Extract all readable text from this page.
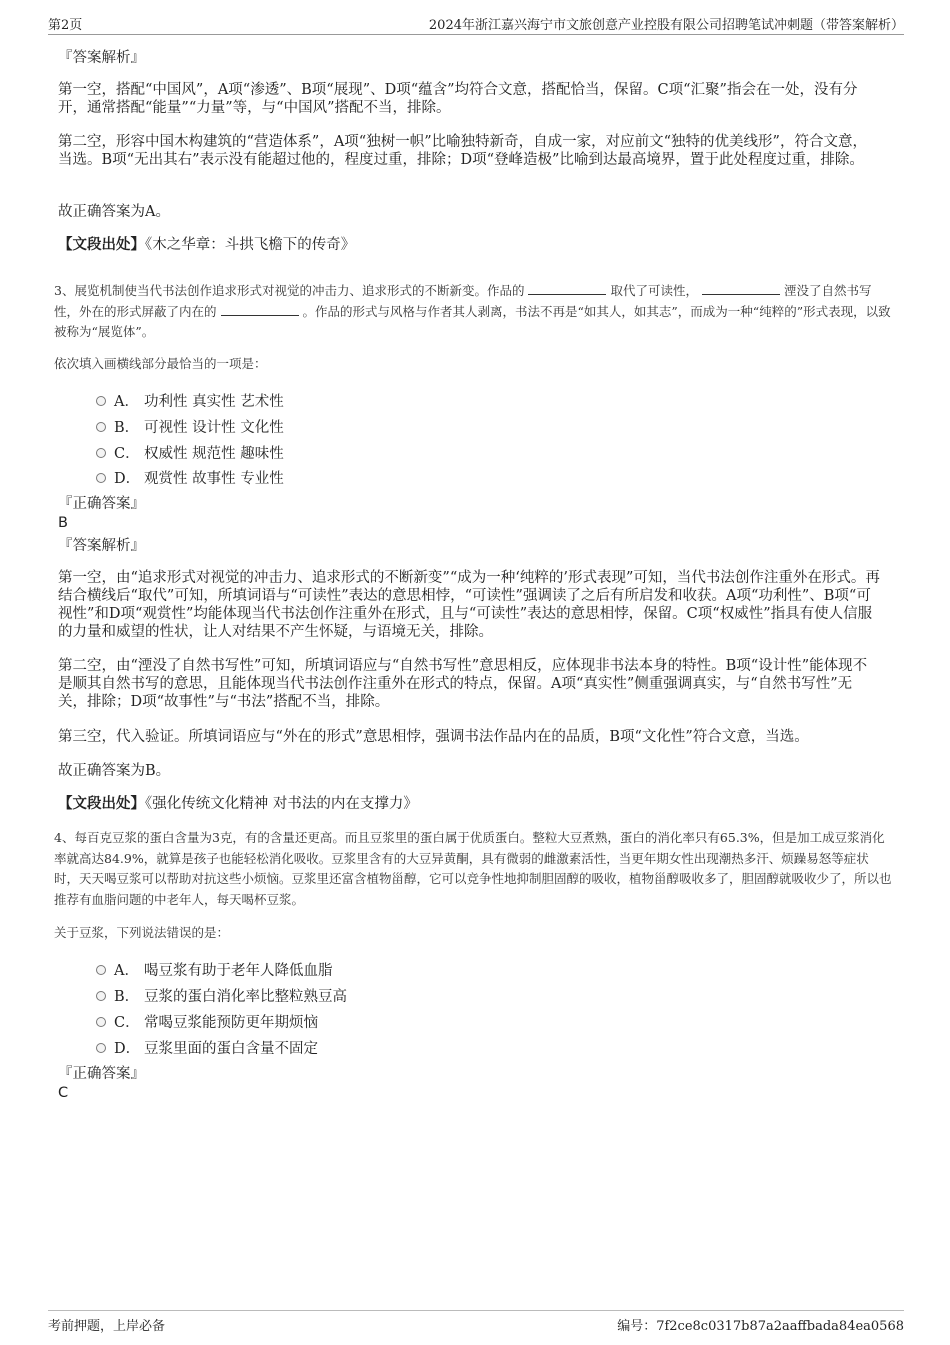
第2页	2024年浙江嘉兴海宁市文旅创意产业控股有限公司招聘笔试冲刺题（带答案解析）
『答案解析』
第一空，搭配“中国风”，A项“渗透”、B项“展现”、D项“蕴含”均符合文意，搭配恰当，保留。C项“汇聚”指会在一处，没有分开，通常搭配“能量”“力量”等，与“中国风”搭配不当，排除。
第二空，形容中国木构建筑的“营造体系”，A项“独树一帜”比喻独特新奇，自成一家，对应前文“独特的优美线形”，符合文意，当选。B项“无出其右”表示没有能超过他的，程度过重，排除；D项“登峰造极”比喻到达最高境界，置于此处程度过重，排除。
故正确答案为A。
【文段出处】《木之华章：斗拱飞檐下的传奇》
3、展览机制使当代书法创作追求形式对视觉的冲击力、追求形式的不断新变。作品的	取代了可读性，	湮没了自然书写性，外在的形式屏蔽了内在的	。作品的形式与风格与作者其人剥离，书法不再是“如其人，如其志”，而成为一种“纯粹的”形式表现，以致被称为“展览体”。
依次填入画横线部分最恰当的一项是：
A． 功利性 真实性 艺术性
B． 可视性 设计性 文化性
C． 权威性 规范性 趣味性
D． 观赏性 故事性 专业性
『正确答案』
B
『答案解析』
第一空，由“追求形式对视觉的冲击力、追求形式的不断新变”“成为一种‘纯粹的’形式表现”可知，当代书法创作注重外在形式。再结合横线后“取代”可知，所填词语与“可读性”表达的意思相悖，“可读性”强调读了之后有所启发和收获。A项“功利性”、B项“可视性”和D项“观赏性”均能体现当代书法创作注重外在形式，且与“可读性”表达的意思相悖，保留。C项“权威性”指具有使人信服的力量和威望的性状，让人对结果不产生怀疑，与语境无关，排除。
第二空，由“湮没了自然书写性”可知，所填词语应与“自然书写性”意思相反，应体现非书法本身的特性。B项“设计性”能体现不是顺其自然书写的意思，且能体现当代书法创作注重外在形式的特点，保留。A项“真实性”侧重强调真实，与“自然书写性”无关，排除；D项“故事性”与“书法”搭配不当，排除。
第三空，代入验证。所填词语应与“外在的形式”意思相悖，强调书法作品内在的品质，B项“文化性”符合文意，当选。
故正确答案为B。
【文段出处】《强化传统文化精神 对书法的内在支撑力》
4、每百克豆浆的蛋白含量为3克，有的含量还更高。而且豆浆里的蛋白属于优质蛋白。整粒大豆煮熟，蛋白的消化率只有65.3%，但是加工成豆浆消化率就高达84.9%，就算是孩子也能轻松消化吸收。豆浆里含有的大豆异黄酮，具有微弱的雌激素活性，当更年期女性出现潮热多汗、烦躁易怒等症状时，天天喝豆浆可以帮助对抗这些小烦恼。豆浆里还富含植物甾醇，它可以竞争性地抑制胆固醇的吸收，植物甾醇吸收多了，胆固醇就吸收少了，所以也推荐有血脂问题的中老年人，每天喝杯豆浆。
关于豆浆，下列说法错误的是：
A． 喝豆浆有助于老年人降低血脂
B． 豆浆的蛋白消化率比整粒熟豆高
C． 常喝豆浆能预防更年期烦恼
D． 豆浆里面的蛋白含量不固定
『正确答案』
C
考前押题，上岸必备	编号：7f2ce8c0317b87a2aaffbada84ea0568
